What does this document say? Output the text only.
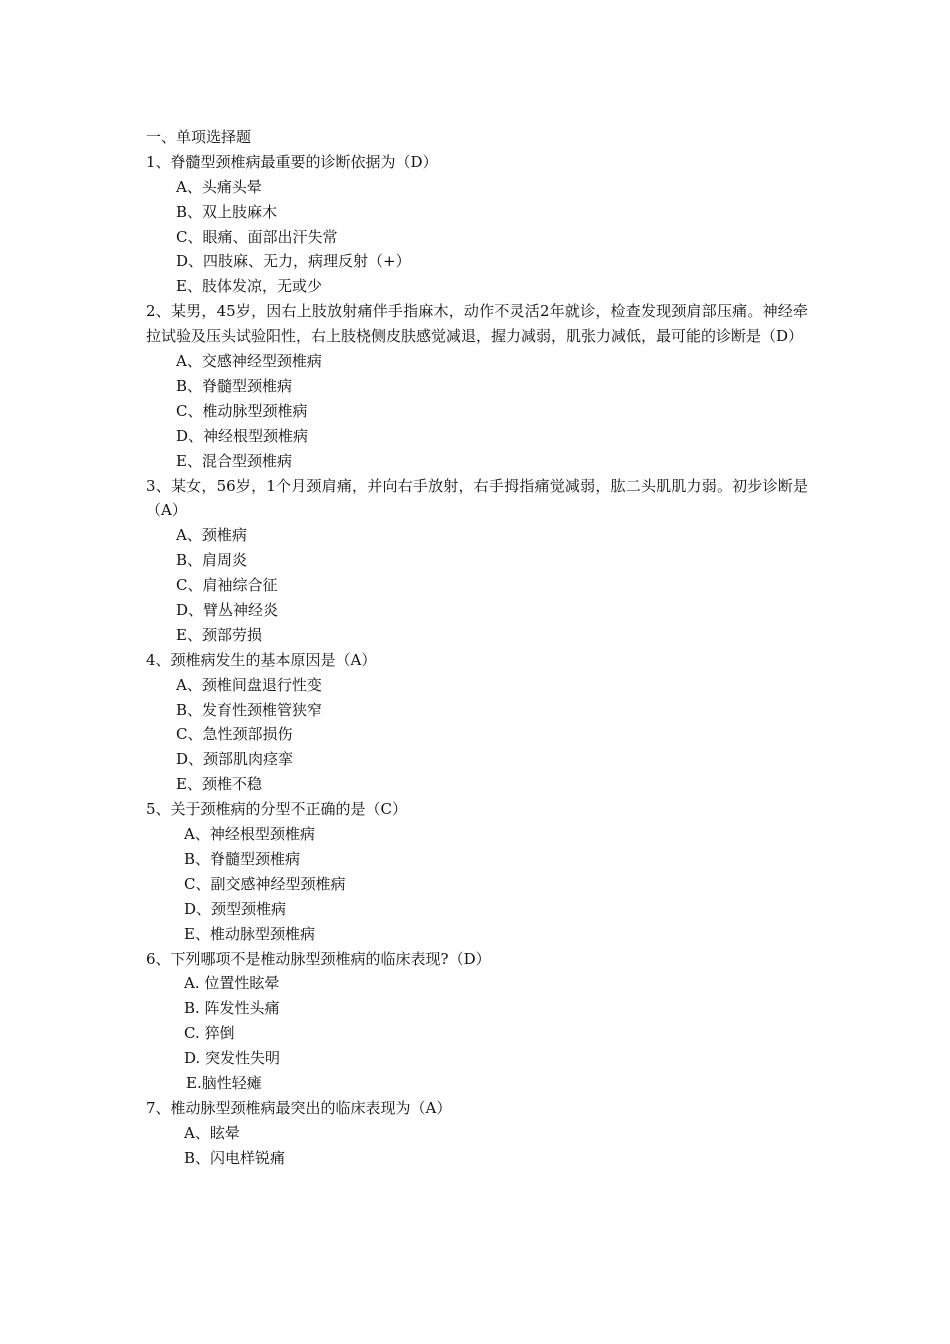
一、单项选择题
1、脊髓型颈椎病最重要的诊断依据为（D）
A、头痛头晕
B、双上肢麻木
C、眼痛、面部出汗失常
D、四肢麻、无力，病理反射（+）
E、肢体发凉，无或少
2、某男，45岁，因右上肢放射痛伴手指麻木，动作不灵活2年就诊，检查发现颈肩部压痛。神经牵拉试验及压头试验阳性，右上肢桡侧皮肤感觉减退，握力减弱，肌张力减低，最可能的诊断是（D）
A、交感神经型颈椎病
B、脊髓型颈椎病
C、椎动脉型颈椎病
D、神经根型颈椎病
E、混合型颈椎病
3、某女，56岁，1个月颈肩痛，并向右手放射，右手拇指痛觉减弱，肱二头肌肌力弱。初步诊断是（A）
A、颈椎病
B、肩周炎
C、肩袖综合征
D、臂丛神经炎
E、颈部劳损
4、颈椎病发生的基本原因是（A）
A、颈椎间盘退行性变
B、发育性颈椎管狭窄
C、急性颈部损伤
D、颈部肌肉痉挛
E、颈椎不稳
5、关于颈椎病的分型不正确的是（C）
A、神经根型颈椎病
B、脊髓型颈椎病
C、副交感神经型颈椎病
D、颈型颈椎病
E、椎动脉型颈椎病
6、下列哪项不是椎动脉型颈椎病的临床表现?（D）
A. 位置性眩晕
B. 阵发性头痛
C. 猝倒
D. 突发性失明
E.脑性轻瘫
7、椎动脉型颈椎病最突出的临床表现为（A）
A、眩晕
B、闪电样锐痛
